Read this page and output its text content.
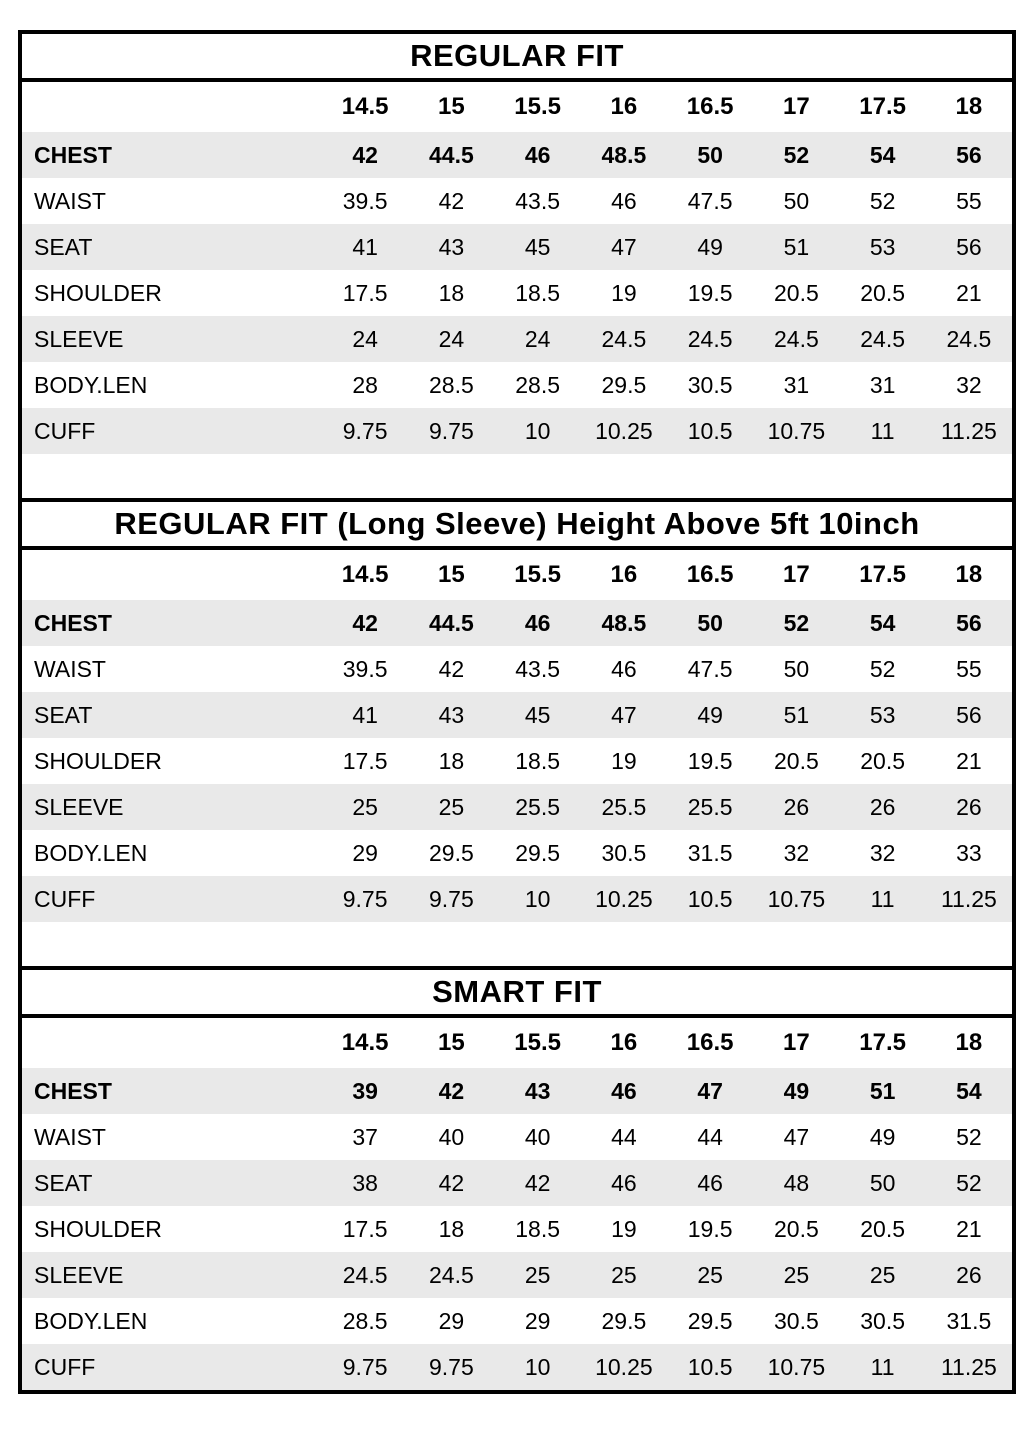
REGULAR FIT
	14.5	15	15.5	16	16.5	17	17.5	18
CHEST	42	44.5	46	48.5	50	52	54	56
WAIST	39.5	42	43.5	46	47.5	50	52	55
SEAT	41	43	45	47	49	51	53	56
SHOULDER	17.5	18	18.5	19	19.5	20.5	20.5	21
SLEEVE	24	24	24	24.5	24.5	24.5	24.5	24.5
BODY.LEN	28	28.5	28.5	29.5	30.5	31	31	32
CUFF	9.75	9.75	10	10.25	10.5	10.75	11	11.25
REGULAR FIT (Long Sleeve) Height Above 5ft 10inch
	14.5	15	15.5	16	16.5	17	17.5	18
CHEST	42	44.5	46	48.5	50	52	54	56
WAIST	39.5	42	43.5	46	47.5	50	52	55
SEAT	41	43	45	47	49	51	53	56
SHOULDER	17.5	18	18.5	19	19.5	20.5	20.5	21
SLEEVE	25	25	25.5	25.5	25.5	26	26	26
BODY.LEN	29	29.5	29.5	30.5	31.5	32	32	33
CUFF	9.75	9.75	10	10.25	10.5	10.75	11	11.25
SMART FIT
	14.5	15	15.5	16	16.5	17	17.5	18
CHEST	39	42	43	46	47	49	51	54
WAIST	37	40	40	44	44	47	49	52
SEAT	38	42	42	46	46	48	50	52
SHOULDER	17.5	18	18.5	19	19.5	20.5	20.5	21
SLEEVE	24.5	24.5	25	25	25	25	25	26
BODY.LEN	28.5	29	29	29.5	29.5	30.5	30.5	31.5
CUFF	9.75	9.75	10	10.25	10.5	10.75	11	11.25
